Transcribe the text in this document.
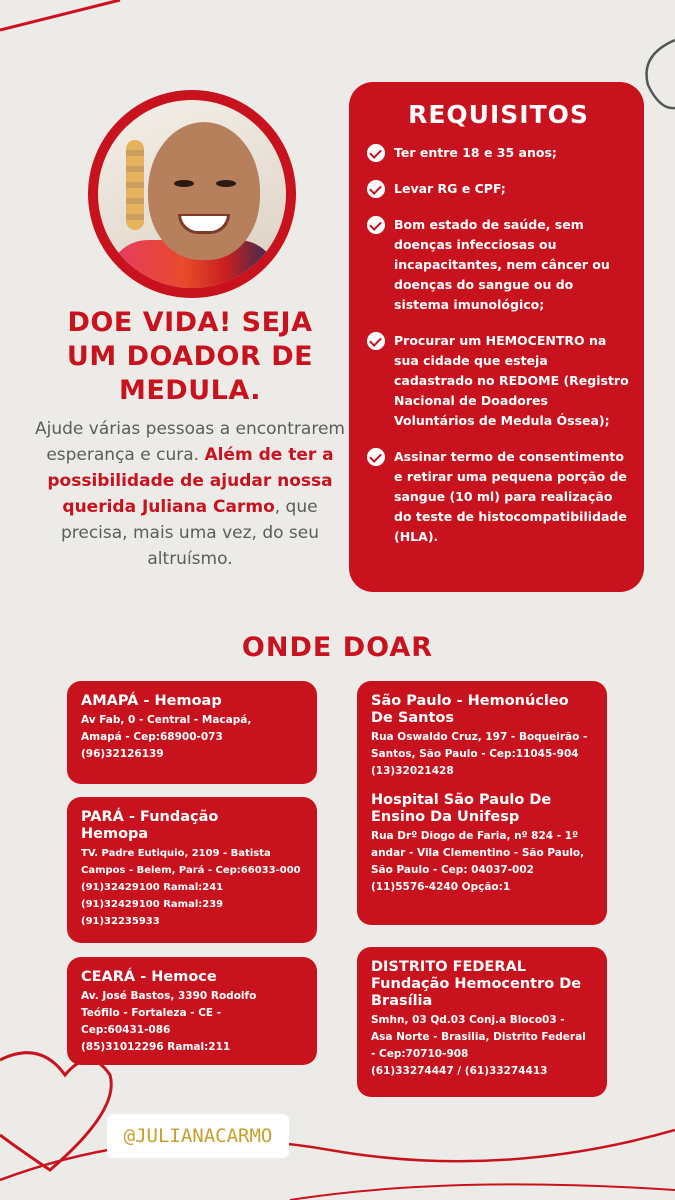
DOE VIDA! SEJA UM DOADOR DE MEDULA.

Ajude várias pessoas a encontrarem esperança e cura. Além de ter a possibilidade de ajudar nossa querida Juliana Carmo, que precisa, mais uma vez, do seu altruísmo.

REQUISITOS
Ter entre 18 e 35 anos;
Levar RG e CPF;
Bom estado de saúde, sem doenças infecciosas ou incapacitantes, nem câncer ou doenças do sangue ou do sistema imunológico;
Procurar um HEMOCENTRO na sua cidade que esteja cadastrado no REDOME (Registro Nacional de Doadores Voluntários de Medula Óssea);
Assinar termo de consentimento e retirar uma pequena porção de sangue (10 ml) para realização do teste de histocompatibilidade (HLA).
ONDE DOAR
AMAPÁ - Hemoap
Av Fab, 0 - Central - Macapá,
Amapá - Cep:68900-073
(96)32126139
PARÁ - Fundação Hemopa
TV. Padre Eutiquio, 2109 - Batista
Campos - Belem, Pará - Cep:66033-000
(91)32429100 Ramal:241
(91)32429100 Ramal:239
(91)32235933
CEARÁ - Hemoce
Av. José Bastos, 3390 Rodolfo
Teófilo - Fortaleza - CE -
Cep:60431-086
(85)31012296 Ramal:211
São Paulo - Hemonúcleo De Santos
Rua Oswaldo Cruz, 197 - Boqueirão -
Santos, São Paulo - Cep:11045-904
(13)32021428
Hospital São Paulo De Ensino Da Unifesp
Rua Drº Diogo de Faria, nº 824 - 1º
andar - Vila Clementino - São Paulo,
São Paulo - Cep: 04037-002
(11)5576-4240 Opção:1
DISTRITO FEDERAL Fundação Hemocentro De Brasília
Smhn, 03 Qd.03 Conj.a Bloco03 -
Asa Norte - Brasilia, Distrito Federal
- Cep:70710-908
(61)33274447 / (61)33274413
@JULIANACARMO
